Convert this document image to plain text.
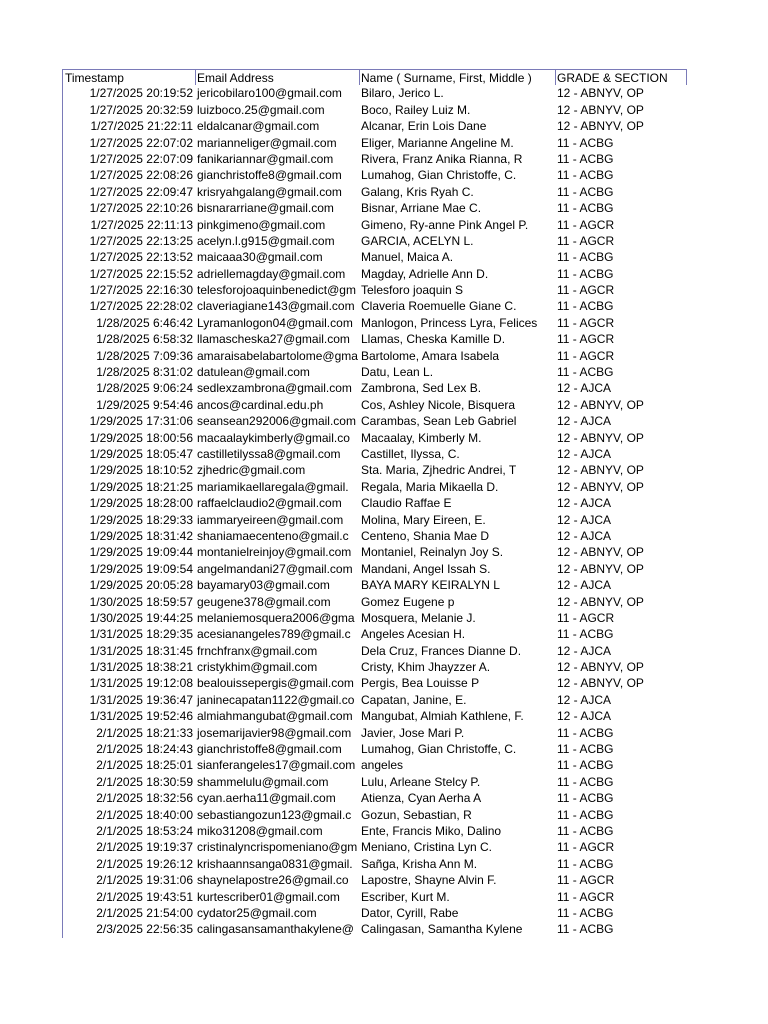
Timestamp	Email Address	Name ( Surname, First, Middle )	GRADE & SECTION
1/27/2025 20:19:52 jericobilaro100@gmail.com	Bilaro, Jerico L.	12 - ABNYV, OP
1/27/2025 20:32:59 luizboco.25@gmail.com	Boco, Railey Luiz M.	12 - ABNYV, OP
1/27/2025 21:22:11 eldalcanar@gmail.com	Alcanar, Erin Lois Dane	12 - ABNYV, OP
1/27/2025 22:07:02 marianneliger@gmail.com	Eliger, Marianne Angeline M.	11 - ACBG
1/27/2025 22:07:09 fanikariannar@gmail.com	Rivera, Franz Anika Rianna, R	11 - ACBG
1/27/2025 22:08:26 gianchristoffe8@gmail.com	Lumahog, Gian Christoffe, C.	11 - ACBG
1/27/2025 22:09:47 krisryahgalang@gmail.com	Galang, Kris Ryah C.	11 - ACBG
1/27/2025 22:10:26 bisnararriane@gmail.com	Bisnar, Arriane Mae C.	11 - ACBG
1/27/2025 22:11:13 pinkgimeno@gmail.com	Gimeno, Ry-anne Pink Angel P.	11 - AGCR
1/27/2025 22:13:25 acelyn.l.g915@gmail.com	GARCIA, ACELYN L.	11 - AGCR
1/27/2025 22:13:52 maicaaa30@gmail.com	Manuel, Maica A.	11 - ACBG
1/27/2025 22:15:52 adriellemagday@gmail.com	Magday, Adrielle Ann D.	11 - ACBG
1/27/2025 22:16:30 telesforojoaquinbenedict@gm Telesforo joaquin S	11 - AGCR
1/27/2025 22:28:02 claveriagiane143@gmail.com Claveria Roemuelle Giane C.	11 - ACBG
1/28/2025 6:46:42 Lyramanlogon04@gmail.com Manlogon, Princess Lyra, Felices	11 - AGCR
1/28/2025 6:58:32 llamascheska27@gmail.com Llamas, Cheska Kamille D.	11 - AGCR
1/28/2025 7:09:36 amaraisabelabartolome@gma Bartolome, Amara Isabela	11 - AGCR
1/28/2025 8:31:02 datulean@gmail.com	Datu, Lean L.	11 - ACBG
1/28/2025 9:06:24 sedlexzambrona@gmail.com Zambrona, Sed Lex B.	12 - AJCA
1/29/2025 9:54:46 ancos@cardinal.edu.ph	Cos, Ashley Nicole, Bisquera	12 - ABNYV, OP
1/29/2025 17:31:06 seansean292006@gmail.com Carambas, Sean Leb Gabriel	12 - AJCA
1/29/2025 18:00:56 macaalaykimberly@gmail.co Macaalay, Kimberly M.	12 - ABNYV, OP
1/29/2025 18:05:47 castilletilyssa8@gmail.com	Castillet, Ilyssa, C.	12 - AJCA
1/29/2025 18:10:52 zjhedric@gmail.com	Sta. Maria, Zjhedric Andrei, T	12 - ABNYV, OP
1/29/2025 18:21:25 mariamikaellaregala@gmail.	Regala, Maria Mikaella D.	12 - ABNYV, OP
1/29/2025 18:28:00 raffaelclaudio2@gmail.com	Claudio Raffae E	12 - AJCA
1/29/2025 18:29:33 iammaryeireen@gmail.com	Molina, Mary Eireen, E.	12 - AJCA
1/29/2025 18:31:42 shaniamaecenteno@gmail.c	Centeno, Shania Mae D	12 - AJCA
1/29/2025 19:09:44 montanielreinjoy@gmail.com Montaniel, Reinalyn Joy S.	12 - ABNYV, OP
1/29/2025 19:09:54 angelmandani27@gmail.com Mandani, Angel Issah S.	12 - ABNYV, OP
1/29/2025 20:05:28 bayamary03@gmail.com	BAYA MARY KEIRALYN L	12 - AJCA
1/30/2025 18:59:57 geugene378@gmail.com	Gomez Eugene p	12 - ABNYV, OP
1/30/2025 19:44:25 melaniemosquera2006@gma Mosquera, Melanie J.	11 - AGCR
1/31/2025 18:29:35 acesianangeles789@gmail.c Angeles Acesian H.	11 - ACBG
1/31/2025 18:31:45 frnchfranx@gmail.com	Dela Cruz, Frances Dianne D.	12 - AJCA
1/31/2025 18:38:21 cristykhim@gmail.com	Cristy, Khim Jhayzzer A.	12 - ABNYV, OP
1/31/2025 19:12:08 bealouissepergis@gmail.com Pergis, Bea Louisse P	12 - ABNYV, OP
1/31/2025 19:36:47 janinecapatan1122@gmail.co Capatan, Janine, E.	12 - AJCA
1/31/2025 19:52:46 almiahmangubat@gmail.com Mangubat, Almiah Kathlene, F.	12 - AJCA
2/1/2025 18:21:33 josemarijavier98@gmail.com Javier, Jose Mari P.	11 - ACBG
2/1/2025 18:24:43 gianchristoffe8@gmail.com	Lumahog, Gian Christoffe, C.	11 - ACBG
2/1/2025 18:25:01 sianferangeles17@gmail.com angeles	11 - ACBG
2/1/2025 18:30:59 shammelulu@gmail.com	Lulu, Arleane Stelcy P.	11 - ACBG
2/1/2025 18:32:56 cyan.aerha11@gmail.com	Atienza, Cyan Aerha A	11 - ACBG
2/1/2025 18:40:00 sebastiangozun123@gmail.c Gozun, Sebastian, R	11 - ACBG
2/1/2025 18:53:24 miko31208@gmail.com	Ente, Francis Miko, Dalino	11 - ACBG
2/1/2025 19:19:37 cristinalyncrispomeniano@gm Meniano, Cristina Lyn C.	11 - AGCR
2/1/2025 19:26:12 krishaannsanga0831@gmail. Sañga, Krisha Ann M.	11 - ACBG
2/1/2025 19:31:06 shaynelapostre26@gmail.co	Lapostre, Shayne Alvin F.	11 - AGCR
2/1/2025 19:43:51 kurtescriber01@gmail.com	Escriber, Kurt M.	11 - AGCR
2/1/2025 21:54:00 cydator25@gmail.com	Dator, Cyrill, Rabe	11 - ACBG
2/3/2025 22:56:35 calingasansamanthakylene@ Calingasan, Samantha Kylene	11 - ACBG
